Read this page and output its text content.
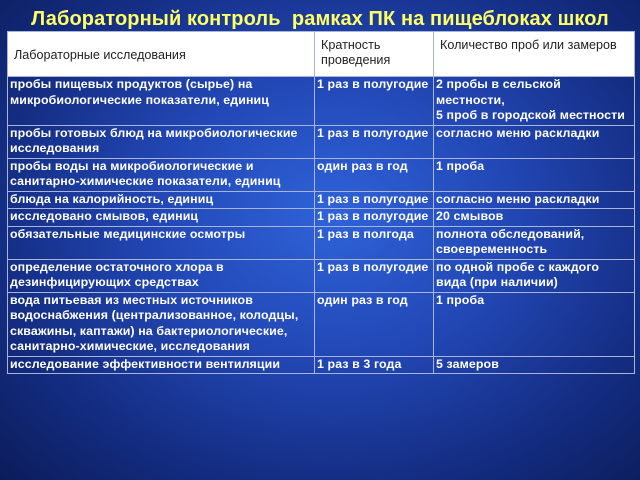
Лабораторный контроль  рамках ПК на пищеблоках школ
Лабораторные исследования	Кратность проведения	Количество проб или замеров
пробы пищевых продуктов (сырье) на микробиологические показатели, единиц	1 раз в полугодие	2 пробы в сельской местности,
5 проб в городской местности
пробы готовых блюд на микробиологические исследования	1 раз в полугодие	согласно меню раскладки
пробы воды на микробиологические и санитарно-химические показатели, единиц	один раз в год	1 проба
блюда на калорийность, единиц	1 раз в полугодие	согласно меню раскладки
исследовано смывов, единиц	1 раз в полугодие	20 смывов
обязательные медицинские осмотры	1 раз в полгода	полнота обследований, своевременность
определение остаточного хлора в дезинфицирующих средствах	1 раз в полугодие	по одной пробе с каждого вида (при наличии)
вода питьевая из местных источников водоснабжения (централизованное, колодцы, скважины, каптажи) на бактериологические, санитарно-химические, исследования	один раз в год	1 проба
исследование эффективности вентиляции	1 раз в 3 года	5 замеров
